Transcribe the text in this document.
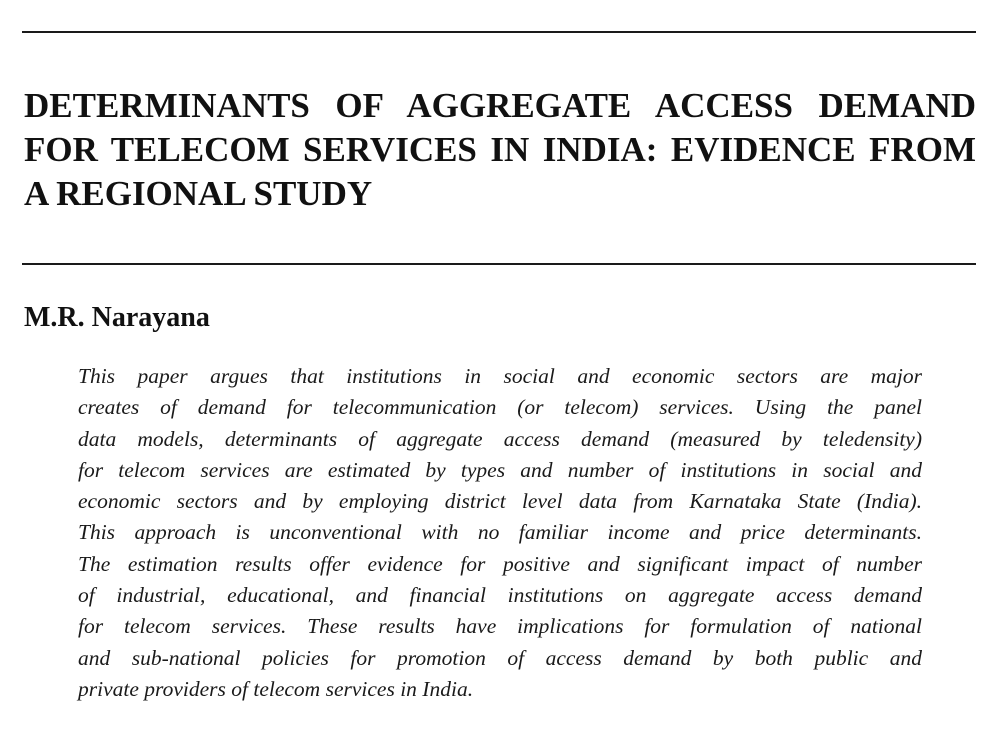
DETERMINANTS OF AGGREGATE ACCESS DEMAND
FOR TELECOM SERVICES IN INDIA: EVIDENCE FROM
A REGIONAL STUDY

M.R. Narayana

This paper argues that institutions in social and economic sectors are major
creates of demand for telecommunication (or telecom) services. Using the panel
data models, determinants of aggregate access demand (measured by teledensity)
for telecom services are estimated by types and number of institutions in social and
economic sectors and by employing district level data from Karnataka State (India).
This approach is unconventional with no familiar income and price determinants.
The estimation results offer evidence for positive and significant impact of number
of industrial, educational, and financial institutions on aggregate access demand
for telecom services. These results have implications for formulation of national
and sub-national policies for promotion of access demand by both public and
private providers of telecom services in India.
